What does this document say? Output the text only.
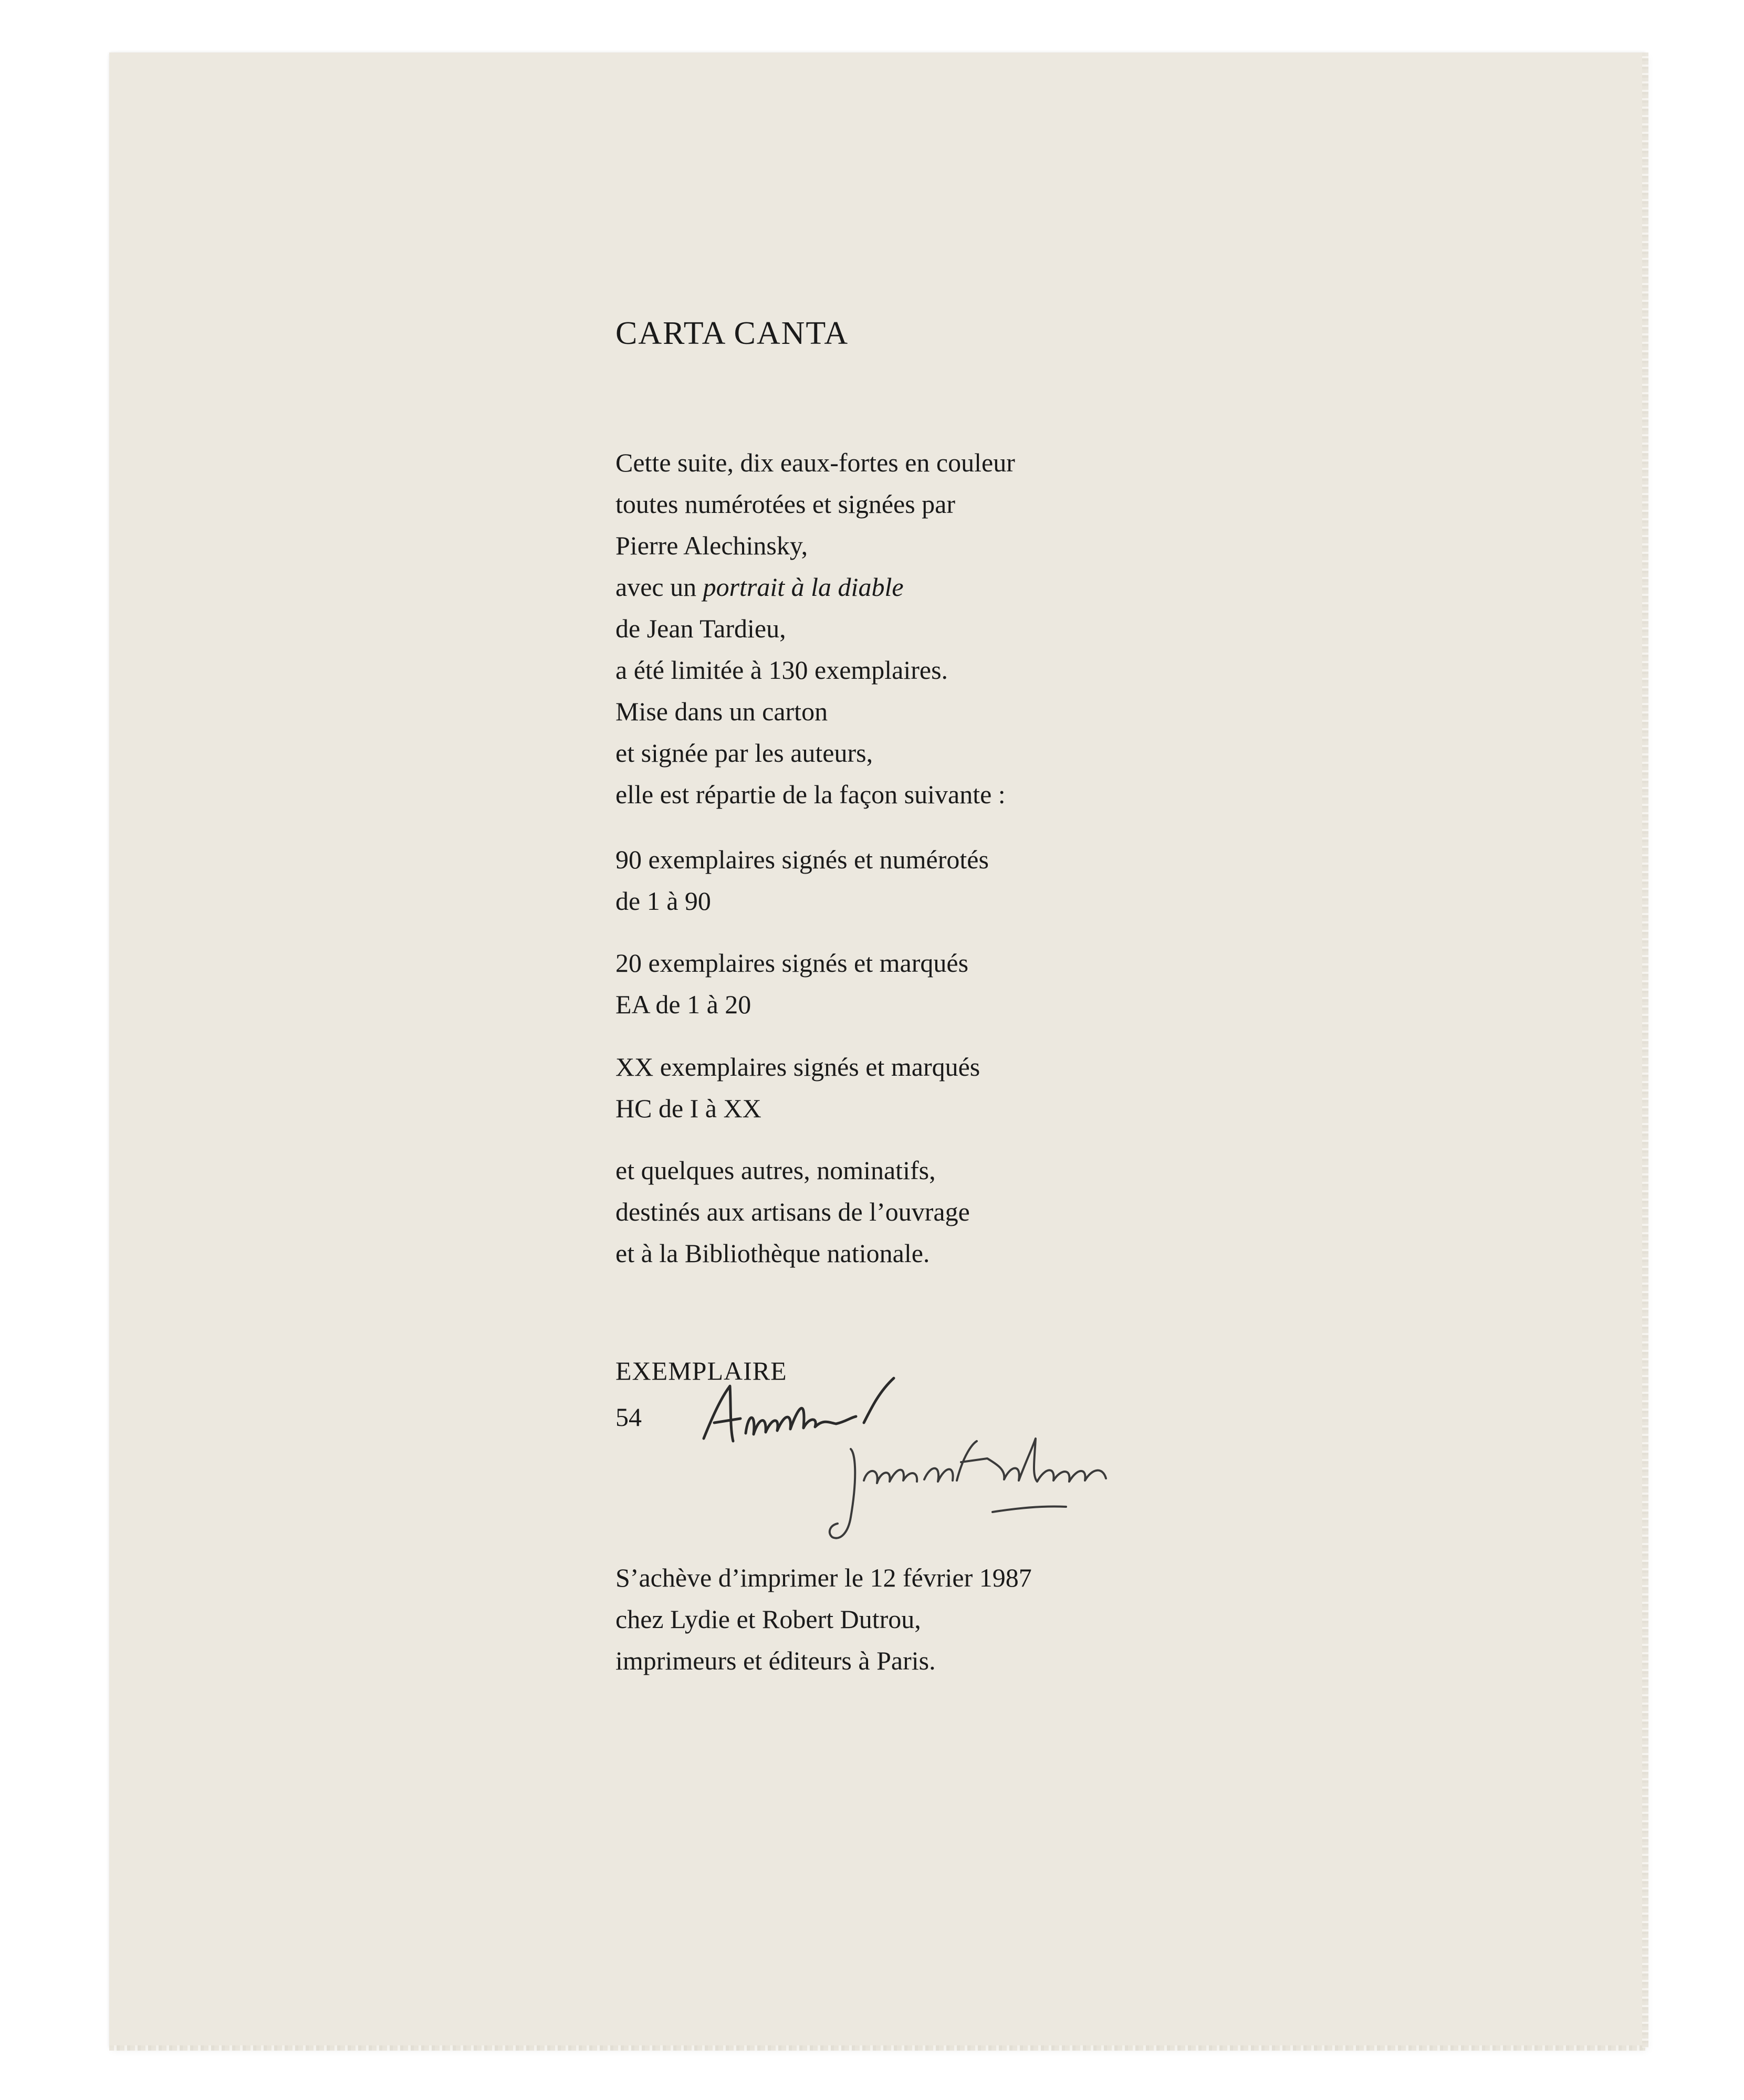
CARTA CANTA
Cette suite, dix eaux-fortes en couleur
toutes numérotées et signées par
Pierre Alechinsky,
avec un portrait à la diable
de Jean Tardieu,
a été limitée à 130 exemplaires.
Mise dans un carton
et signée par les auteurs,
elle est répartie de la façon suivante :
90 exemplaires signés et numérotés
de 1 à 90
20 exemplaires signés et marqués
EA de 1 à 20
XX exemplaires signés et marqués
HC de I à XX
et quelques autres, nominatifs,
destinés aux artisans de l’ouvrage
et à la Bibliothèque nationale.
EXEMPLAIRE
54
S’achève d’imprimer le 12 février 1987
chez Lydie et Robert Dutrou,
imprimeurs et éditeurs à Paris.
